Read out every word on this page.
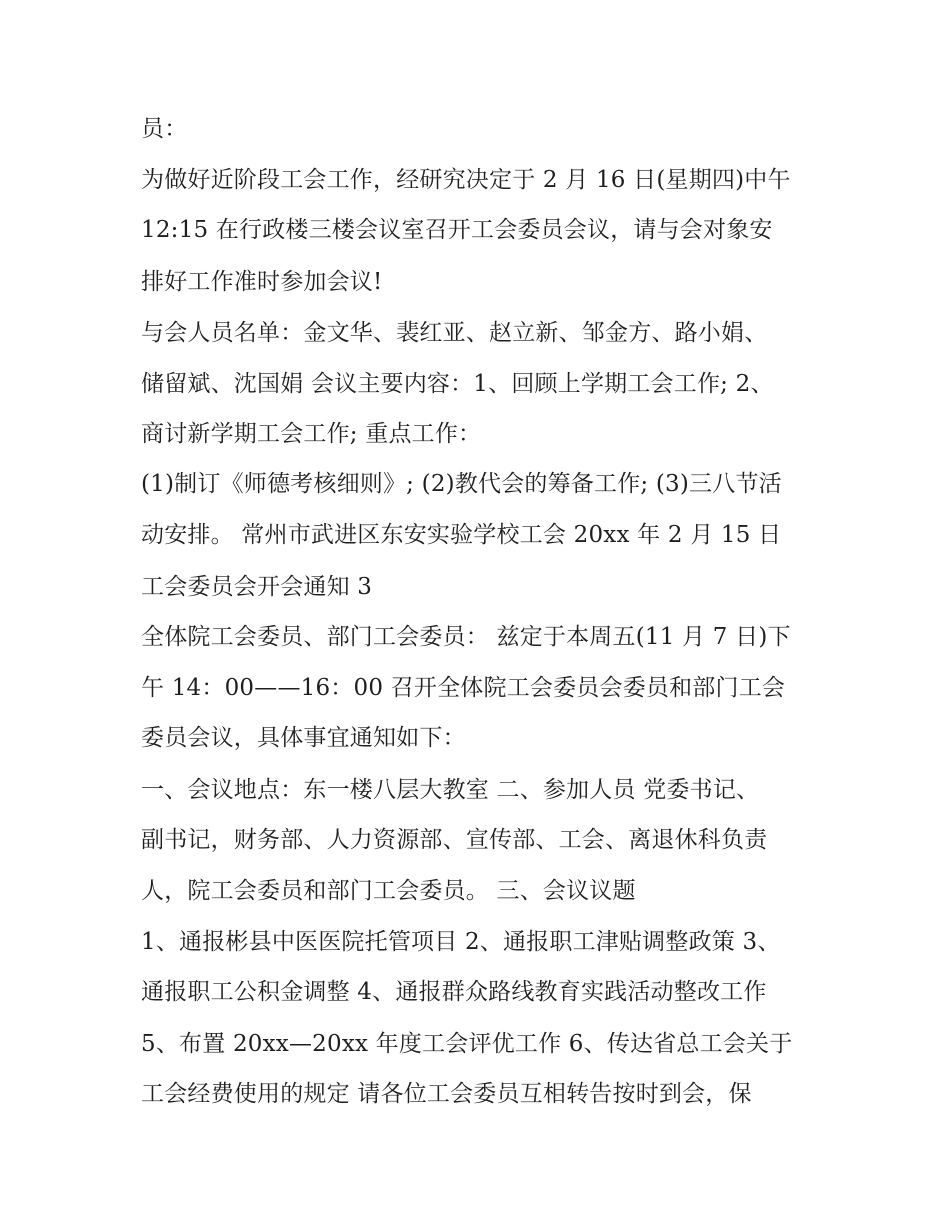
员：

为做好近阶段工会工作，经研究决定于 2 月 16 日(星期四)中午

12:15 在行政楼三楼会议室召开工会委员会议，请与会对象安

排好工作准时参加会议!

与会人员名单：金文华、裴红亚、赵立新、邹金方、路小娟、

储留斌、沈国娟 会议主要内容：1、回顾上学期工会工作; 2、

商讨新学期工会工作; 重点工作：

(1)制订《师德考核细则》; (2)教代会的筹备工作; (3)三八节活

动安排。 常州市武进区东安实验学校工会 20xx 年 2 月 15 日

工会委员会开会通知 3

全体院工会委员、部门工会委员： 兹定于本周五(11 月 7 日)下

午 14：00——16：00 召开全体院工会委员会委员和部门工会

委员会议，具体事宜通知如下：

一、会议地点：东一楼八层大教室 二、参加人员 党委书记、

副书记，财务部、人力资源部、宣传部、工会、离退休科负责

人，院工会委员和部门工会委员。 三、会议议题

1、通报彬县中医医院托管项目 2、通报职工津贴调整政策 3、

通报职工公积金调整 4、通报群众路线教育实践活动整改工作

5、布置 20xx—20xx 年度工会评优工作 6、传达省总工会关于

工会经费使用的规定 请各位工会委员互相转告按时到会，保
